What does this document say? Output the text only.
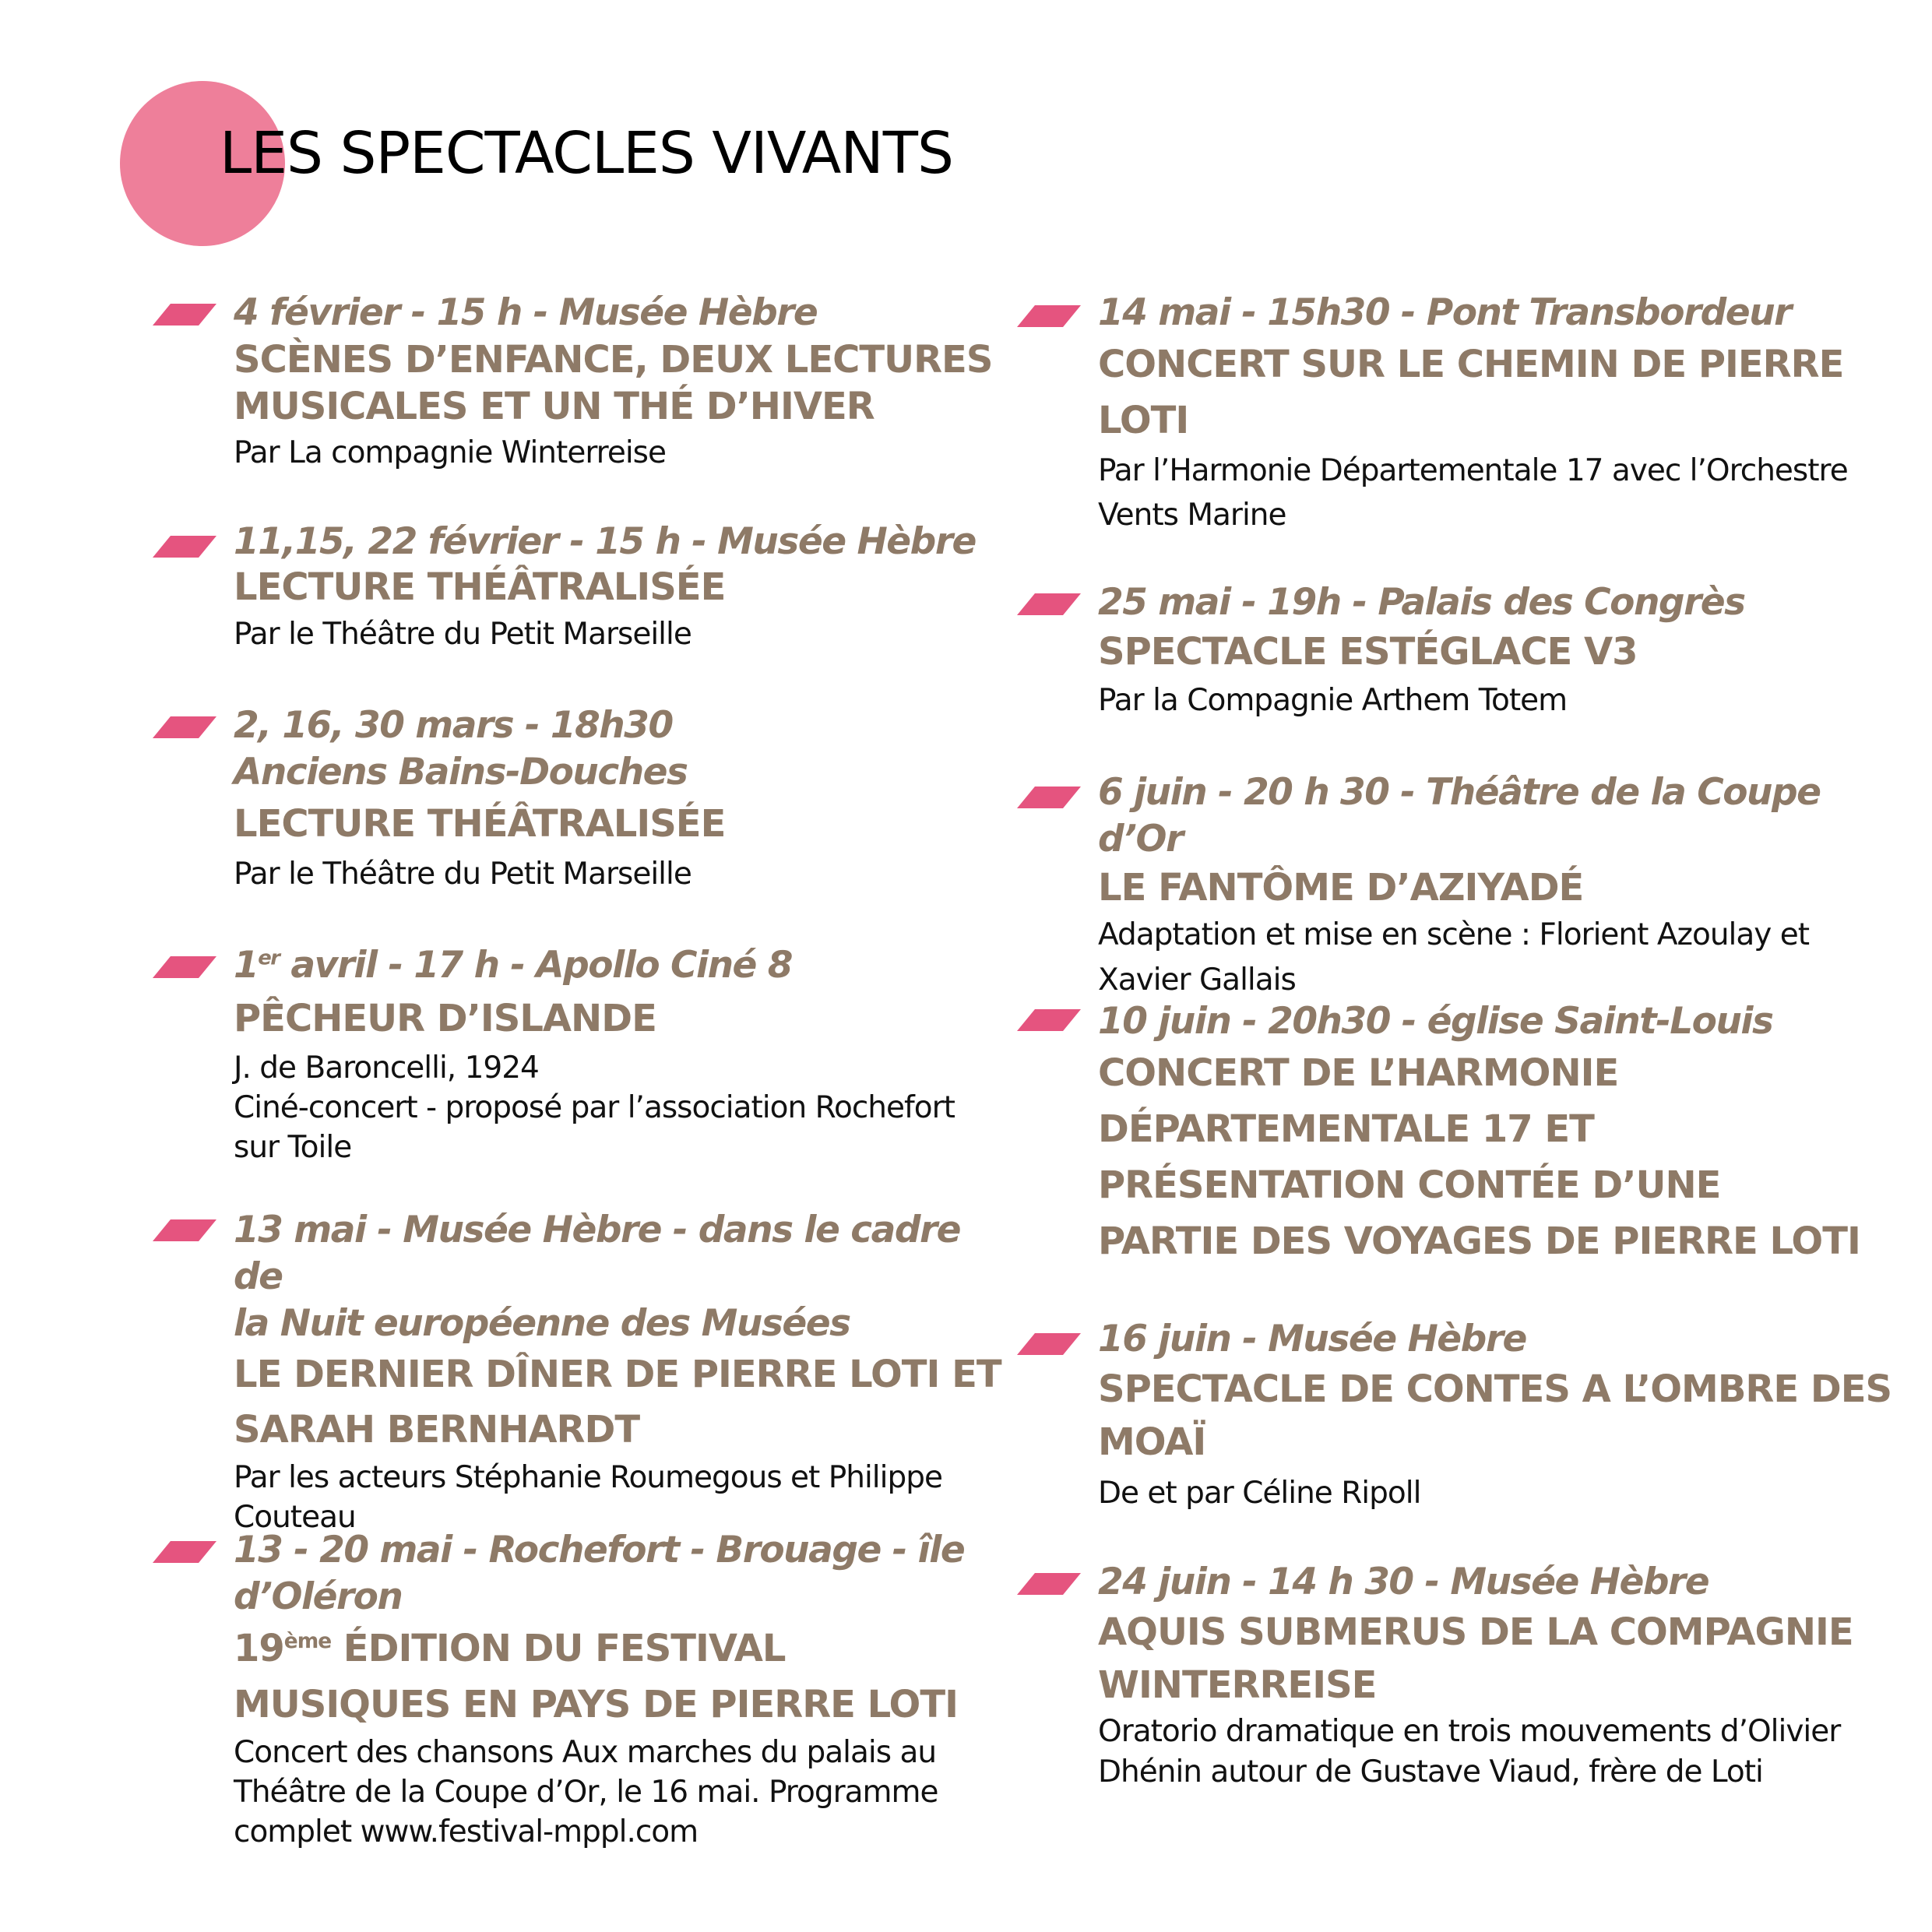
LES SPECTACLES VIVANTS

4 février - 15 h - Musée Hèbre

SCÈNES D’ENFANCE, DEUX LECTURES
MUSICALES ET UN THÉ D’HIVER

Par La compagnie Winterreise

11,15, 22 février - 15 h - Musée Hèbre

LECTURE THÉÂTRALISÉE

Par le Théâtre du Petit Marseille

2, 16, 30 mars - 18h30
Anciens Bains-Douches

LECTURE THÉÂTRALISÉE

Par le Théâtre du Petit Marseille

1er avril - 17 h - Apollo Ciné 8

PÊCHEUR D’ISLANDE

J. de Baroncelli, 1924
Ciné-concert - proposé par l’association Rochefort
sur Toile

13 mai - Musée Hèbre - dans le cadre de
la Nuit européenne des Musées

LE DERNIER DÎNER DE PIERRE LOTI ET
SARAH BERNHARDT

Par les acteurs Stéphanie Roumegous et Philippe
Couteau

13 - 20 mai - Rochefort - Brouage - île
d’Oléron

19ème ÉDITION DU FESTIVAL
MUSIQUES EN PAYS DE PIERRE LOTI

Concert des chansons Aux marches du palais au
Théâtre de la Coupe d’Or, le 16 mai. Programme
complet www.festival-mppl.com

14 mai - 15h30 - Pont Transbordeur

CONCERT SUR LE CHEMIN DE PIERRE
LOTI

Par l’Harmonie Départementale 17 avec l’Orchestre
Vents Marine

25 mai - 19h - Palais des Congrès

SPECTACLE ESTÉGLACE V3

Par la Compagnie Arthem Totem

6 juin - 20 h 30 - Théâtre de la Coupe d’Or

LE FANTÔME D’AZIYADÉ

Adaptation et mise en scène : Florient Azoulay et
Xavier Gallais

10 juin - 20h30 - église Saint-Louis

CONCERT DE L’HARMONIE
DÉPARTEMENTALE 17 ET
PRÉSENTATION CONTÉE D’UNE
PARTIE DES VOYAGES DE PIERRE LOTI

16 juin - Musée Hèbre

SPECTACLE DE CONTES A L’OMBRE DES
MOAÏ

De et par Céline Ripoll

24 juin - 14 h 30 - Musée Hèbre

AQUIS SUBMERUS DE LA COMPAGNIE
WINTERREISE

Oratorio dramatique en trois mouvements d’Olivier
Dhénin autour de Gustave Viaud, frère de Loti
